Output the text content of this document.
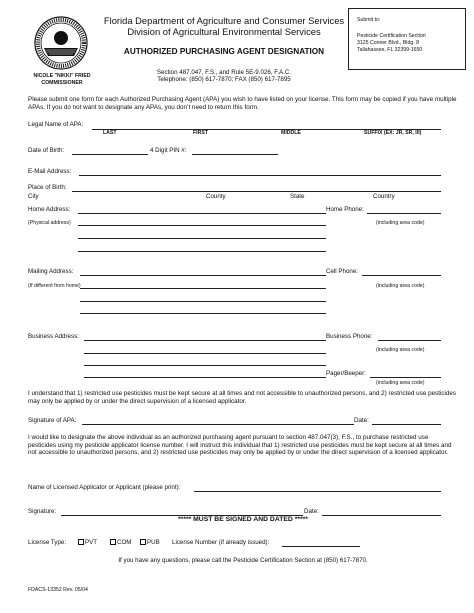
NICOLE "NIKKI" FRIED
COMMISSIONER
Florida Department of Agriculture and Consumer Services
Division of Agricultural Environmental Services
AUTHORIZED PURCHASING AGENT DESIGNATION
Section 487.047, F.S., and Rule 5E-9.026, F.A.C.
Telephone: (850) 617-7870; FAX (850) 617-7895
Submit to:
Pesticide Certification Section
3125 Conner Blvd., Bldg. 8
Tallahassee, FL 32399-1650
Please submit one form for each Authorized Purchasing Agent (APA) you wish to have listed on your license. This form may be copied if you have multiple APAs. If you do not want to designate any APAs, you don’t need to return this form.
Legal Name of APA:
LAST	FIRST	MIDDLE	SUFFIX (EX: JR, SR, III)
Date of Birth:	4 Digit PIN #:
E-Mail Address:
Place of Birth:
City	County	State	Country
Home Address:	Home Phone:
(Physical address)	(including area code)
Mailing Address:	Cell Phone:
(If different from home)	(including area code)
Business Address:	Business Phone:
(including area code)
Pager/Beeper:
(including area code)
I understand that 1) restricted use pesticides must be kept secure at all times and not accessible to unauthorized persons, and 2) restricted use pesticides may only be applied by or under the direct supervision of a licensed applicator.
Signature of APA:	Date:
I would like to designate the above individual as an authorized purchasing agent pursuant to section 487.047(3), F.S., to purchase restricted use pesticides using my pesticide applicator license number. I will instruct this individual that 1) restricted use pesticides must be kept secure at all times and not accessible to unauthorized persons, and 2) restricted use pesticides may only be applied by or under the direct supervision of a licensed applicator.
Name of Licensed Applicator or Applicant (please print):
Signature:	Date:
***** MUST BE SIGNED AND DATED *****
License Type:	PVT	COM	PUB License Number (if already issued):
If you have any questions, please call the Pesticide Certification Section at (850) 617-7870.
FDACS-13352 Rev. 05/04
